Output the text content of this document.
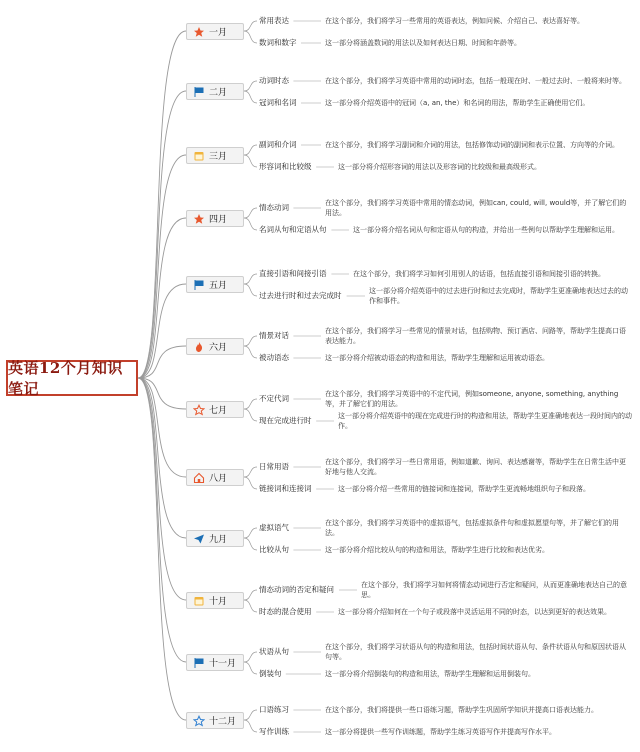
英语12个月知识笔记
一月
常用表达	在这个部分，我们将学习一些常用的英语表达，例如问候、介绍自己、表达喜好等。
数词和数字	这一部分将涵盖数词的用法以及如何表达日期、时间和年龄等。
二月
动词时态	在这个部分，我们将学习英语中常用的动词时态，包括一般现在时、一般过去时、一般将来时等。
冠词和名词	这一部分将介绍英语中的冠词（a, an, the）和名词的用法，帮助学生正确使用它们。
三月
副词和介词	在这个部分，我们将学习副词和介词的用法，包括修饰动词的副词和表示位置、方向等的介词。
形容词和比较级	这一部分将介绍形容词的用法以及形容词的比较级和最高级形式。
四月
情态动词	在这个部分，我们将学习英语中常用的情态动词，例如can, could, will, would等，并了解它们的用法。
名词从句和定语从句	这一部分将介绍名词从句和定语从句的构造，并给出一些例句以帮助学生理解和运用。
五月
直接引语和间接引语	在这个部分，我们将学习如何引用别人的话语，包括直接引语和间接引语的转换。
过去进行时和过去完成时	这一部分将介绍英语中的过去进行时和过去完成时，帮助学生更准确地表达过去的动作和事件。
六月
情景对话	在这个部分，我们将学习一些常见的情景对话，包括购物、预订酒店、问路等，帮助学生提高口语表达能力。
被动语态	这一部分将介绍被动语态的构造和用法，帮助学生理解和运用被动语态。
七月
不定代词	在这个部分，我们将学习英语中的不定代词，例如someone, anyone, something, anything等，并了解它们的用法。
现在完成进行时	这一部分将介绍英语中的现在完成进行时的构造和用法，帮助学生更准确地表达一段时间内的动作。
八月
日常用语	在这个部分，我们将学习一些日常用语，例如道歉、询问、表达感谢等，帮助学生在日常生活中更好地与他人交流。
链接词和连接词	这一部分将介绍一些常用的链接词和连接词，帮助学生更流畅地组织句子和段落。
九月
虚拟语气	在这个部分，我们将学习英语中的虚拟语气，包括虚拟条件句和虚拟愿望句等，并了解它们的用法。
比较从句	这一部分将介绍比较从句的构造和用法，帮助学生进行比较和表达优劣。
十月
情态动词的否定和疑问	在这个部分，我们将学习如何将情态动词进行否定和疑问，从而更准确地表达自己的意思。
时态的混合使用	这一部分将介绍如何在一个句子或段落中灵活运用不同的时态，以达到更好的表达效果。
十一月
状语从句	在这个部分，我们将学习状语从句的构造和用法，包括时间状语从句、条件状语从句和原因状语从句等。
倒装句	这一部分将介绍倒装句的构造和用法，帮助学生理解和运用倒装句。
十二月
口语练习	在这个部分，我们将提供一些口语练习题，帮助学生巩固所学知识并提高口语表达能力。
写作训练	这一部分将提供一些写作训练题，帮助学生练习英语写作并提高写作水平。
